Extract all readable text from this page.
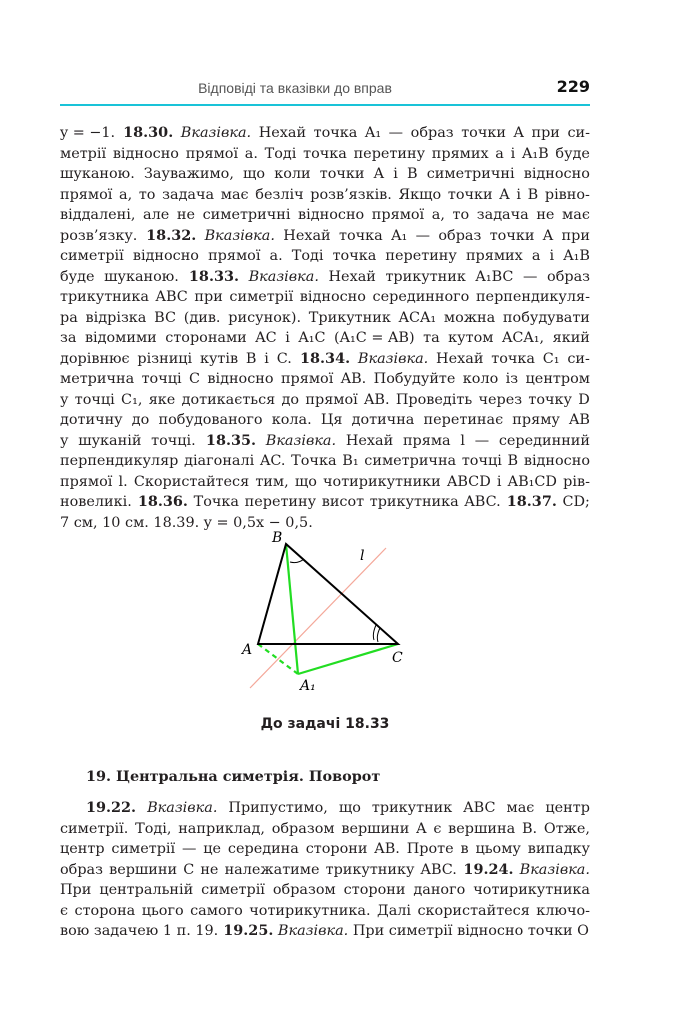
Відповіді та вказівки до вправ	229
y = −1. 18.30. Вказівка. Нехай точка A₁ — образ точки A при си-
метрії відносно прямої a. Тоді точка перетину прямих a і A₁B буде
шуканою. Зауважимо, що коли точки A і B симетричні відносно
прямої a, то задача має безліч розв’язків. Якщо точки A і B рівно-
віддалені, але не симетричні відносно прямої a, то задача не має
розв’язку. 18.32. Вказівка. Нехай точка A₁ — образ точки A при
симетрії відносно прямої a. Тоді точка перетину прямих a і A₁B
буде шуканою. 18.33. Вказівка. Нехай трикутник A₁BC — образ
трикутника ABC при симетрії відносно серединного перпендикуля-
ра відрізка BC (див. рисунок). Трикутник ACA₁ можна побудувати
за відомими сторонами AC і A₁C (A₁C = AB) та кутом ACA₁, який
дорівнює різниці кутів B і C. 18.34. Вказівка. Нехай точка C₁ си-
метрична точці C відносно прямої AB. Побудуйте коло із центром
у точці C₁, яке дотикається до прямої AB. Проведіть через точку D
дотичну до побудованого кола. Ця дотична перетинає пряму AB
у шуканій точці. 18.35. Вказівка. Нехай пряма l — серединний
перпендикуляр діагоналі AC. Точка B₁ симетрична точці B відносно
прямої l. Скористайтеся тим, що чотирикутники ABCD і AB₁CD рів-
новеликі. 18.36. Точка перетину висот трикутника ABC. 18.37. CD;
7 см, 10 см. 18.39. y = 0,5x − 0,5.
B
l
A	C
A₁
До задачі 18.33
19. Центральна симетрія. Поворот
19.22. Вказівка. Припустимо, що трикутник ABC має центр
симетрії. Тоді, наприклад, образом вершини A є вершина B. Отже,
центр симетрії — це середина сторони AB. Проте в цьому випадку
образ вершини C не належатиме трикутнику ABC. 19.24. Вказівка.
При центральній симетрії образом сторони даного чотирикутника
є сторона цього самого чотирикутника. Далі скористайтеся ключо-
вою задачею 1 п. 19. 19.25. Вказівка. При симетрії відносно точки O
